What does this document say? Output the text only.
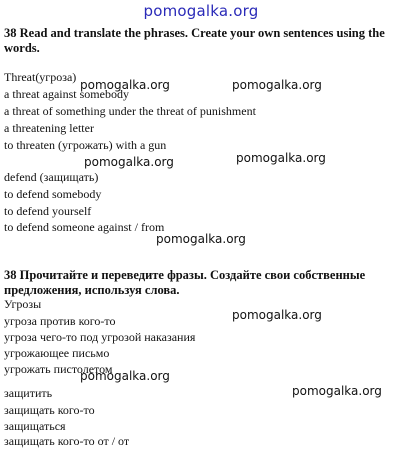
pomogalka.org
38 Read and translate the phrases. Create your own sentences using the words.
Threat(угроза)
a threat against somebody
a threat of something under the threat of punishment
a threatening letter
to threaten (угрожать) with a gun
defend (защищать)
to defend somebody
to defend yourself
to defend someone against / from
38 Прочитайте и переведите фразы. Создайте свои собственные предложения, используя слова.
Угрозы
угроза против кого-то
угроза чего-то под угрозой наказания
угрожающее письмо
угрожать пистолетом
защитить
защищать кого-то
защищаться
защищать кого-то от / от
pomogalka.org	pomogalka.org
pomogalka.org	pomogalka.org
pomogalka.org
pomogalka.org
pomogalka.org
pomogalka.org
